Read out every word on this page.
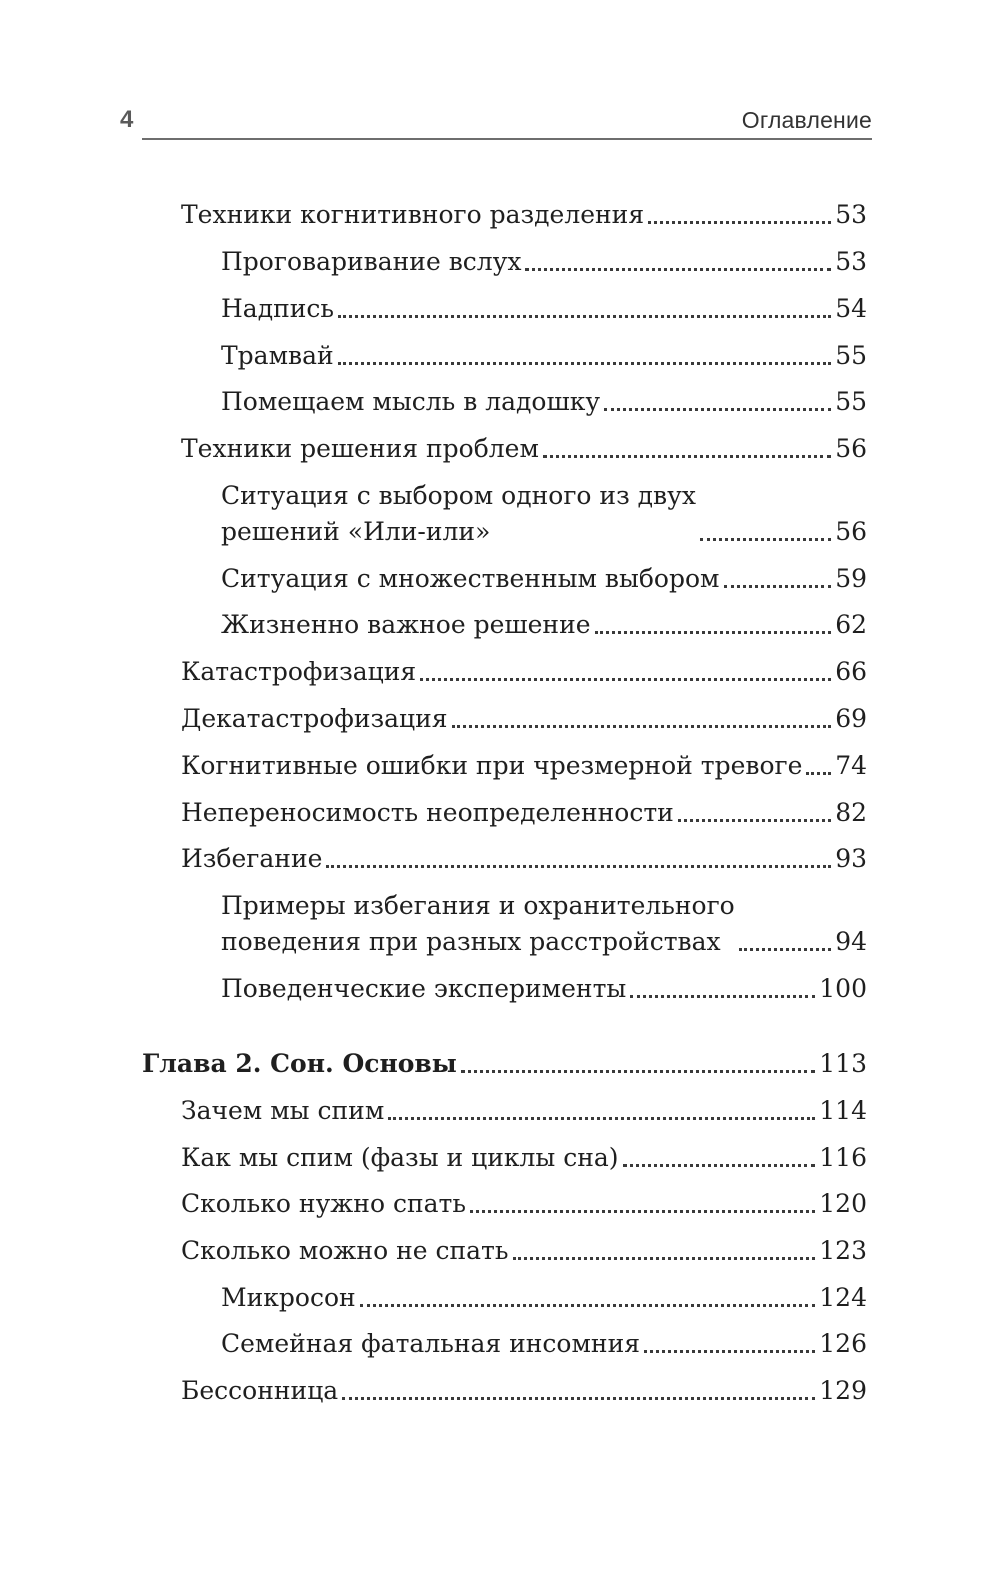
4	Оглавление
Техники когнитивного разделения	53
Проговаривание вслух	53
Надпись	54
Трамвай	55
Помещаем мысль в ладошку	55
Техники решения проблем	56
Ситуация с выбором одного из двух
решений «Или-или»	56
Ситуация с множественным выбором	59
Жизненно важное решение	62
Катастрофизация	66
Декатастрофизация	69
Когнитивные ошибки при чрезмерной тревоге 74
Непереносимость неопределенности	82
Избегание	93
Примеры избегания и охранительного
поведения при разных расстройствах	94
Поведенческие эксперименты	100
Глава 2. Сон. Основы	113
Зачем мы спим	114
Как мы спим (фазы и циклы сна)	116
Сколько нужно спать	120
Сколько можно не спать	123
Микросон	124
Семейная фатальная инсомния	126
Бессонница	129
